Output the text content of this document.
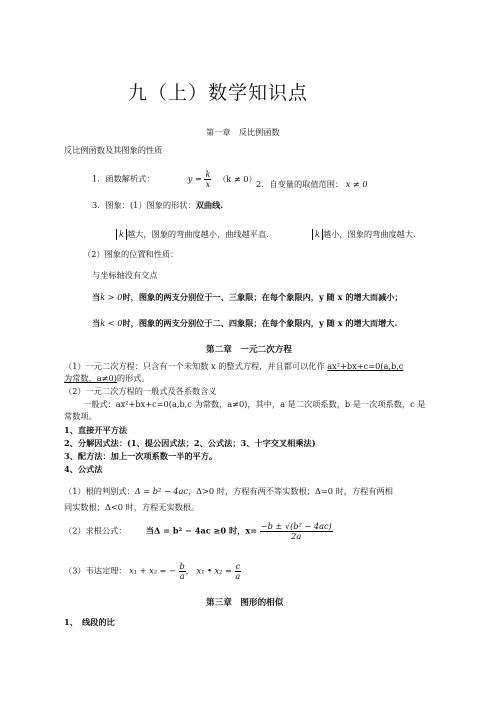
九（上）数学知识点
第一章　反比例函数
反比例函数及其图象的性质
1．函数解析式：	$y = \frac{k}{x} (k \ne 0)$
2．自变量的取值范围： x ≠ 0
3．图象：(1）图象的形状：双曲线.
k 越大，图象的弯曲度越小，曲线越平直.	k 越小，图象的弯曲度越大.
（2）图象的位置和性质：
与坐标轴没有交点
当k > 0时，图象的两支分别位于一、三象限；在每个象限内，y 随 x 的增大而减小；
当k < 0时，图象的两支分别位于二、四象限；在每个象限内，y 随 x 的增大而增大.
第二章　一元二次方程
（1）一元二次方程：只含有一个未知数 x 的整式方程，并且都可以化作 ax²+bx+c=0(a,b,c
为常数，a≠0)的形式。
（2）一元二次方程的一般式及各系数含义
一般式：ax²+bx+c=0(a,b,c 为常数，a≠0)，其中，a 是二次项系数，b 是一次项系数，c 是
常数项。
1、直接开平方法
2、分解因式法：(1、提公因式法；2、公式法；3、十字交叉相乘法)
3、配方法：加上一次项系数一半的平方。
4、公式法
（1）根的判别式：Δ = b² − 4ac，Δ>0 时，方程有两不等实数根；Δ=0 时，方程有两相
同实数根；Δ<0 时，方程无实数根。
（2）求根公式： 当Δ = b² − 4ac ≥0 时，$x= \frac{\text{−b ± √(b² − 4ac)}}{2a}$
（3）韦达定理： x₁ + x₂ = − $\frac{b}{a}$ ， x₁ • $x_2 = \frac{c}{a}$
第三章　图形的相似
1、　线段的比
